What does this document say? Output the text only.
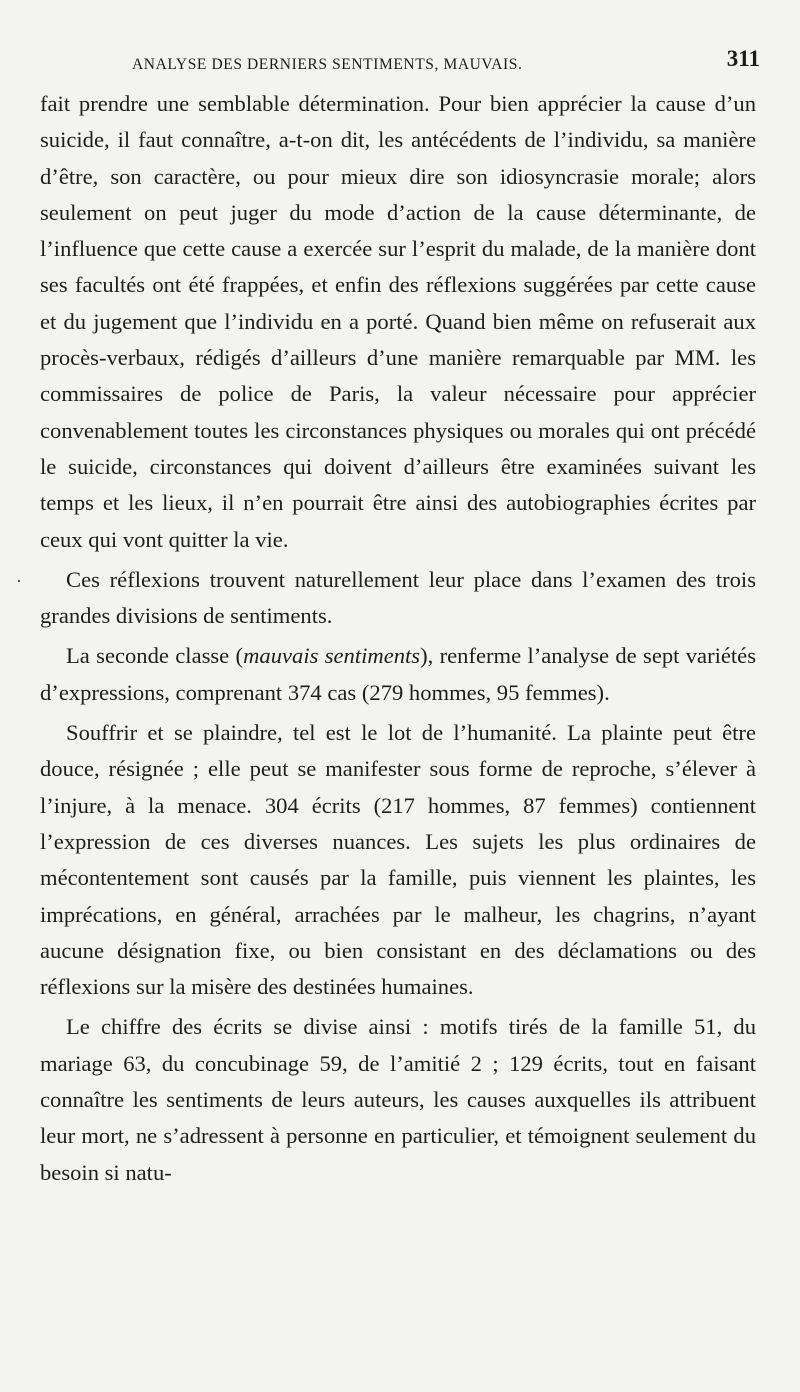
ANALYSE DES DERNIERS SENTIMENTS, MAUVAIS.	311
·

fait prendre une semblable détermination. Pour bien apprécier la cause d’un suicide, il faut connaître, a-t-on dit, les antécédents de l’individu, sa manière d’être, son caractère, ou pour mieux dire son idiosyncrasie morale; alors seulement on peut juger du mode d’action de la cause déterminante, de l’influence que cette cause a exercée sur l’esprit du malade, de la manière dont ses facultés ont été frappées, et enfin des réflexions suggérées par cette cause et du jugement que l’individu en a porté. Quand bien même on refuserait aux procès-verbaux, rédigés d’ailleurs d’une manière remarquable par MM. les commissaires de police de Paris, la valeur nécessaire pour apprécier convenablement toutes les circonstances physiques ou morales qui ont précédé le suicide, circonstances qui doivent d’ailleurs être examinées suivant les temps et les lieux, il n’en pourrait être ainsi des autobiographies écrites par ceux qui vont quitter la vie.

Ces réflexions trouvent naturellement leur place dans l’examen des trois grandes divisions de sentiments.

La seconde classe (mauvais sentiments), renferme l’analyse de sept variétés d’expressions, comprenant 374 cas (279 hommes, 95 femmes).

Souffrir et se plaindre, tel est le lot de l’humanité. La plainte peut être douce, résignée ; elle peut se manifester sous forme de reproche, s’élever à l’injure, à la menace. 304 écrits (217 hommes, 87 femmes) contiennent l’expression de ces diverses nuances. Les sujets les plus ordinaires de mécontentement sont causés par la famille, puis viennent les plaintes, les imprécations, en général, arrachées par le malheur, les chagrins, n’ayant aucune désignation fixe, ou bien consistant en des déclamations ou des réflexions sur la misère des destinées humaines.

Le chiffre des écrits se divise ainsi : motifs tirés de la famille 51, du mariage 63, du concubinage 59, de l’amitié 2 ; 129 écrits, tout en faisant connaître les sentiments de leurs auteurs, les causes auxquelles ils attribuent leur mort, ne s’adressent à personne en particulier, et témoignent seulement du besoin si natu-
